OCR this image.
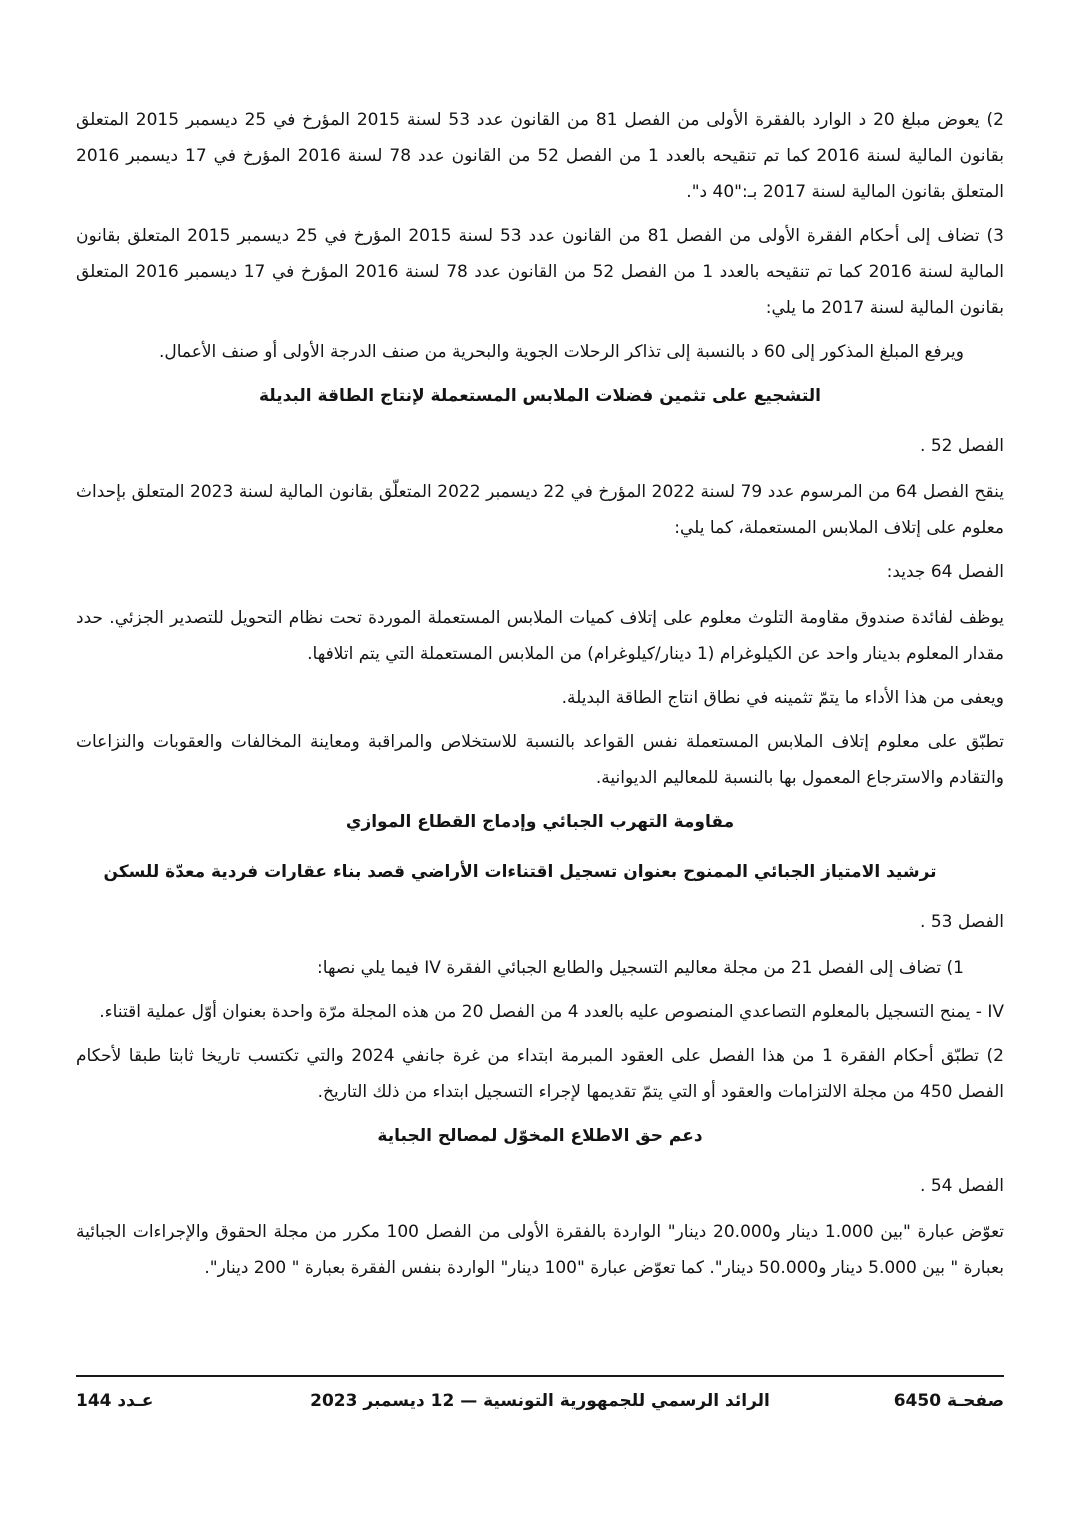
2) يعوض مبلغ 20 د الوارد بالفقرة الأولى من الفصل 81 من القانون عدد 53 لسنة 2015 المؤرخ في 25 ديسمبر 2015 المتعلق بقانون المالية لسنة 2016 كما تم تنقيحه بالعدد 1 من الفصل 52 من القانون عدد 78 لسنة 2016 المؤرخ في 17 ديسمبر 2016 المتعلق بقانون المالية لسنة 2017 بـ:"40 د".

3) تضاف إلى أحكام الفقرة الأولى من الفصل 81 من القانون عدد 53 لسنة 2015 المؤرخ في 25 ديسمبر 2015 المتعلق بقانون المالية لسنة 2016 كما تم تنقيحه بالعدد 1 من الفصل 52 من القانون عدد 78 لسنة 2016 المؤرخ في 17 ديسمبر 2016 المتعلق بقانون المالية لسنة 2017 ما يلي:

ويرفع المبلغ المذكور إلى 60 د بالنسبة إلى تذاكر الرحلات الجوية والبحرية من صنف الدرجة الأولى أو صنف الأعمال.

التشجيع على تثمين فضلات الملابس المستعملة لإنتاج الطاقة البديلة
الفصل 52 .

ينقح الفصل 64 من المرسوم عدد 79 لسنة 2022 المؤرخ في 22 ديسمبر 2022 المتعلّق بقانون المالية لسنة 2023 المتعلق بإحداث معلوم على إتلاف الملابس المستعملة، كما يلي:

الفصل 64 جديد:

يوظف لفائدة صندوق مقاومة التلوث معلوم على إتلاف كميات الملابس المستعملة الموردة تحت نظام التحويل للتصدير الجزئي. حدد مقدار المعلوم بدينار واحد عن الكيلوغرام (1 دينار/كيلوغرام) من الملابس المستعملة التي يتم اتلافها.

ويعفى من هذا الأداء ما يتمّ تثمينه في نطاق انتاج الطاقة البديلة.

تطبّق على معلوم إتلاف الملابس المستعملة نفس القواعد بالنسبة للاستخلاص والمراقبة ومعاينة المخالفات والعقوبات والنزاعات والتقادم والاسترجاع المعمول بها بالنسبة للمعاليم الديوانية.

مقاومة التهرب الجبائي وإدماج القطاع الموازي
ترشيد الامتياز الجبائي الممنوح بعنوان تسجيل اقتناءات الأراضي قصد بناء عقارات فردية معدّة للسكن
الفصل 53 .

1) تضاف إلى الفصل 21 من مجلة معاليم التسجيل والطابع الجبائي الفقرة IV فيما يلي نصها:

IV - يمنح التسجيل بالمعلوم التصاعدي المنصوص عليه بالعدد 4 من الفصل 20 من هذه المجلة مرّة واحدة بعنوان أوّل عملية اقتناء.

2) تطبّق أحكام الفقرة 1 من هذا الفصل على العقود المبرمة ابتداء من غرة جانفي 2024 والتي تكتسب تاريخا ثابتا طبقا لأحكام الفصل 450 من مجلة الالتزامات والعقود أو التي يتمّ تقديمها لإجراء التسجيل ابتداء من ذلك التاريخ.

دعم حق الاطلاع المخوّل لمصالح الجباية
الفصل 54 .

تعوّض عبارة "بين 1.000 دينار و20.000 دينار" الواردة بالفقرة الأولى من الفصل 100 مكرر من مجلة الحقوق والإجراءات الجبائية بعبارة " بين 5.000 دينار و50.000 دينار". كما تعوّض عبارة "100 دينار" الواردة بنفس الفقرة بعبارة " 200 دينار".

صفحـة 6450
الرائد الرسمي للجمهورية التونسية — 12 ديسمبر 2023
عـدد 144
